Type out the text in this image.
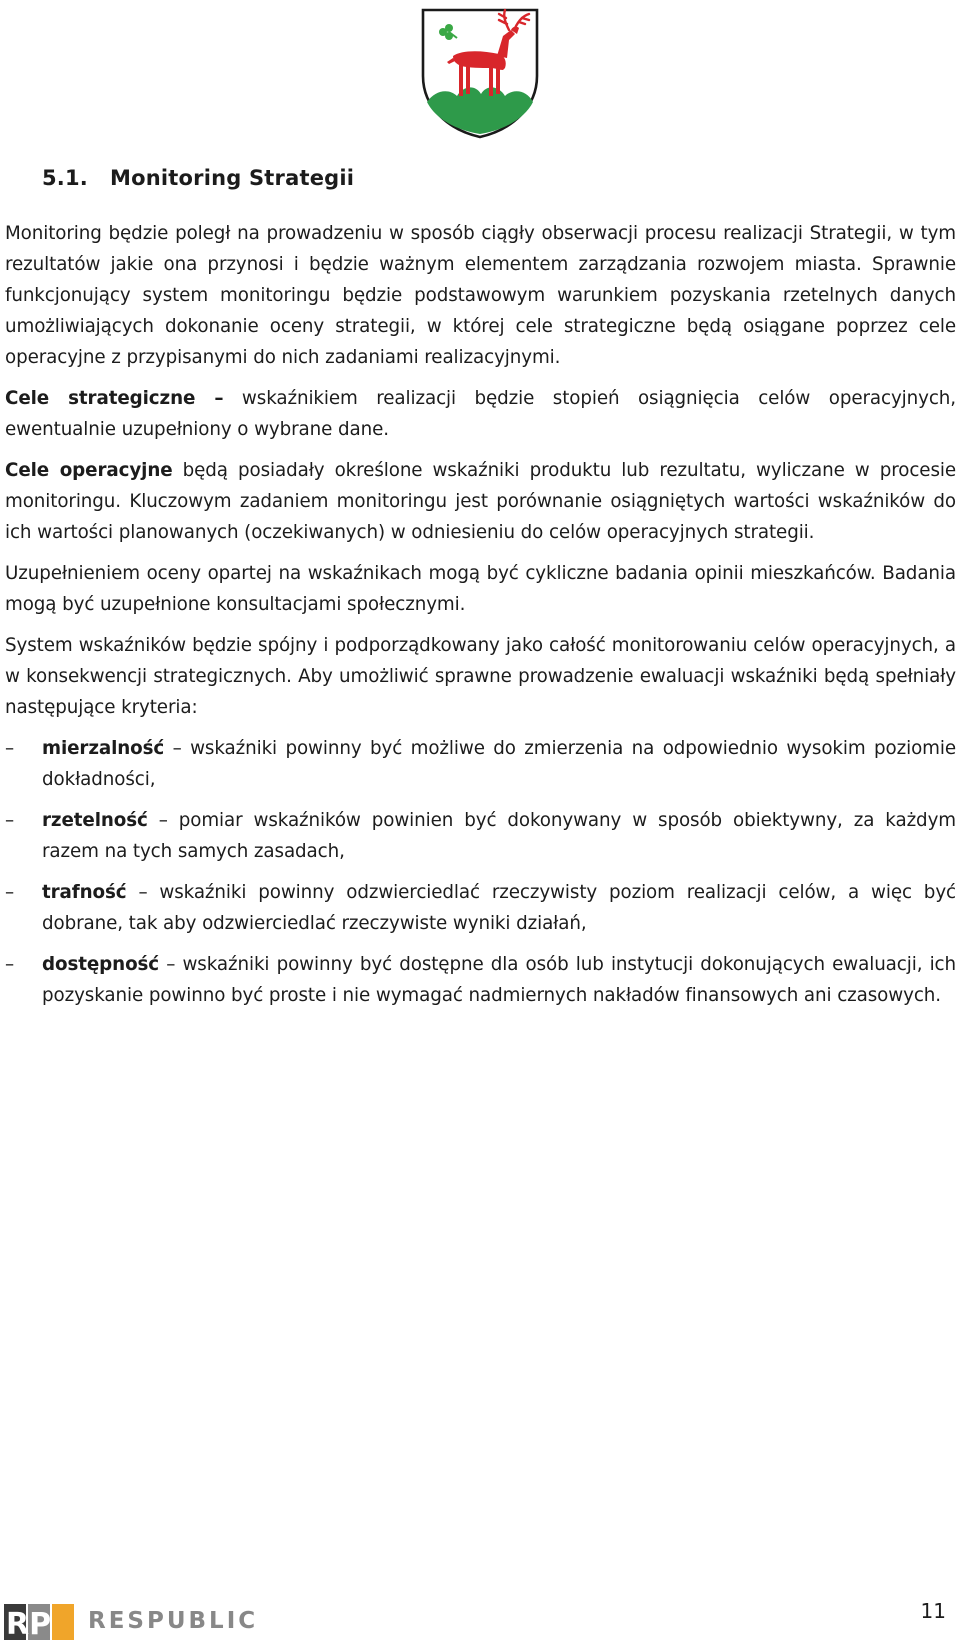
5.1. Monitoring Strategii

Monitoring będzie poległ na prowadzeniu w sposób ciągły obserwacji procesu realizacji Strategii, w tym rezultatów jakie ona przynosi i będzie ważnym elementem zarządzania rozwojem miasta. Sprawnie funkcjonujący system monitoringu będzie podstawowym warunkiem pozyskania rzetelnych danych umożliwiających dokonanie oceny strategii, w której cele strategiczne będą osiągane poprzez cele operacyjne z przypisanymi do nich zadaniami realizacyjnymi.

Cele strategiczne – wskaźnikiem realizacji będzie stopień osiągnięcia celów operacyjnych, ewentualnie uzupełniony o wybrane dane.

Cele operacyjne będą posiadały określone wskaźniki produktu lub rezultatu, wyliczane w procesie monitoringu. Kluczowym zadaniem monitoringu jest porównanie osiągniętych wartości wskaźników do ich wartości planowanych (oczekiwanych) w odniesieniu do celów operacyjnych strategii.

Uzupełnieniem oceny opartej na wskaźnikach mogą być cykliczne badania opinii mieszkańców. Badania mogą być uzupełnione konsultacjami społecznymi.

System wskaźników będzie spójny i podporządkowany jako całość monitorowaniu celów operacyjnych, a w konsekwencji strategicznych. Aby umożliwić sprawne prowadzenie ewaluacji wskaźniki będą spełniały następujące kryteria:

–	mierzalność – wskaźniki powinny być możliwe do zmierzenia na odpowiednio wysokim poziomie dokładności,
–	rzetelność – pomiar wskaźników powinien być dokonywany w sposób obiektywny, za każdym razem na tych samych zasadach,
–	trafność – wskaźniki powinny odzwierciedlać rzeczywisty poziom realizacji celów, a więc być dobrane, tak aby odzwierciedlać rzeczywiste wyniki działań,
–	dostępność – wskaźniki powinny być dostępne dla osób lub instytucji dokonujących ewaluacji, ich pozyskanie powinno być proste i nie wymagać nadmiernych nakładów finansowych ani czasowych.
RP RESPUBLIC	11
